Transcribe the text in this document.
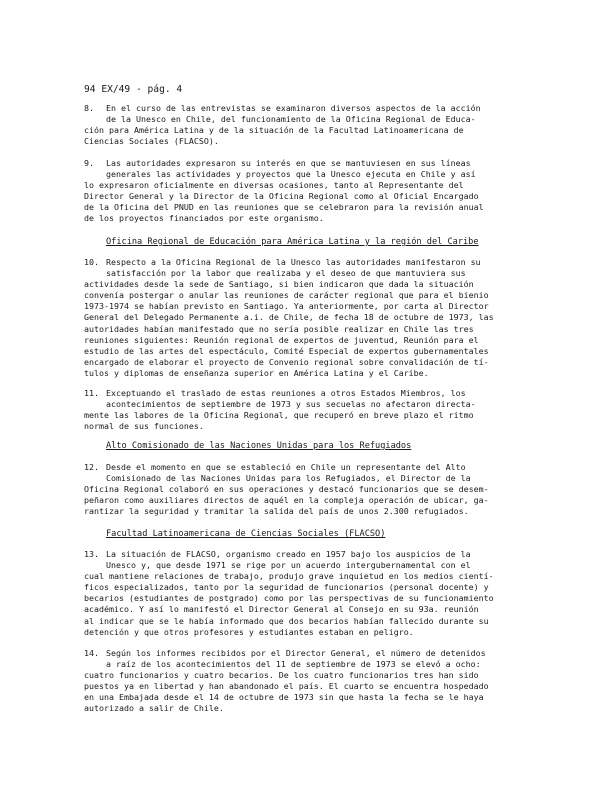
94 EX/49 - pág. 4
8. En el curso de las entrevistas se examinaron diversos aspectos de la acción
de la Unesco en Chile, del funcionamiento de la Oficina Regional de Educa-
ción para América Latina y de la situación de la Facultad Latinoamericana de
Ciencias Sociales (FLACSO).
9. Las autoridades expresaron su interés en que se mantuviesen en sus líneas
generales las actividades y proyectos que la Unesco ejecuta en Chile y así
lo expresaron oficialmente en diversas ocasiones, tanto al Representante del
Director General y la Director de la Oficina Regional como al Oficial Encargado
de la Oficina del PNUD en las reuniones que se celebraron para la revisión anual
de los proyectos financiados por este organismo.
Oficina Regional de Educación para América Latina y la región del Caribe
10. Respecto a la Oficina Regional de la Unesco las autoridades manifestaron su
satisfacción por la labor que realizaba y el deseo de que mantuviera sus
actividades desde la sede de Santiago, si bien indicaron que dada la situación
convenía postergar o anular las reuniones de carácter regional que para el bienio
1973-1974 se habían previsto en Santiago. Ya anteriormente, por carta al Director
General del Delegado Permanente a.i. de Chile, de fecha 18 de octubre de 1973, las
autoridades habían manifestado que no sería posible realizar en Chile las tres
reuniones siguientes: Reunión regional de expertos de juventud, Reunión para el
estudio de las artes del espectáculo, Comité Especial de expertos gubernamentales
encargado de elaborar el proyecto de Convenio regional sobre convalidación de tí-
tulos y diplomas de enseñanza superior en América Latina y el Caribe.
11. Exceptuando el traslado de estas reuniones a otros Estados Miembros, los
acontecimientos de septiembre de 1973 y sus secuelas no afectaron directa-
mente las labores de la Oficina Regional, que recuperó en breve plazo el ritmo
normal de sus funciones.
Alto Comisionado de las Naciones Unidas para los Refugiados
12. Desde el momento en que se estableció en Chile un representante del Alto
Comisionado de las Naciones Unidas para los Refugiados, el Director de la
Oficina Regional colaboró en sus operaciones y destacó funcionarios que se desem-
peñaron como auxiliares directos de aquél en la compleja operación de ubicar, ga-
rantizar la seguridad y tramitar la salida del país de unos 2.300 refugiados.
Facultad Latinoamericana de Ciencias Sociales (FLACSO)
13. La situación de FLACSO, organismo creado en 1957 bajo los auspicios de la
Unesco y, que desde 1971 se rige por un acuerdo intergubernamental con el
cual mantiene relaciones de trabajo, produjo grave inquietud en los medios cientí-
ficos especializados, tanto por la seguridad de funcionarios (personal docente) y
becarios (estudiantes de postgrado) como por las perspectivas de su funcionamiento
académico. Y así lo manifestó el Director General al Consejo en su 93a. reunión
al indicar que se le había informado que dos becarios habían fallecido durante su
detención y que otros profesores y estudiantes estaban en peligro.
14. Según los informes recibidos por el Director General, el número de detenidos
a raíz de los acontecimientos del 11 de septiembre de 1973 se elevó a ocho:
cuatro funcionarios y cuatro becarios. De los cuatro funcionarios tres han sido
puestos ya en libertad y han abandonado el país. El cuarto se encuentra hospedado
en una Embajada desde el 14 de octubre de 1973 sin que hasta la fecha se le haya
autorizado a salir de Chile.
